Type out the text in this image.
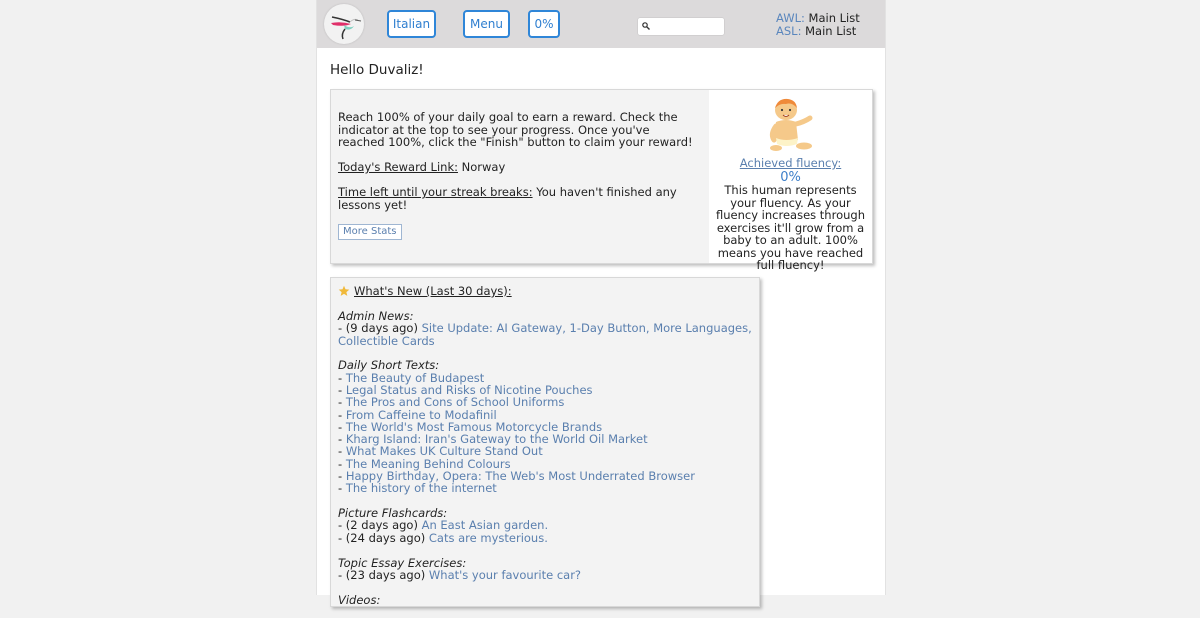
Italian	Menu	0%	AWL: Main List
ASL: Main List
Hello Duvaliz!

Reach 100% of your daily goal to earn a reward. Check the indicator at the top to see your progress. Once you've reached 100%, click the "Finish" button to claim your reward!

Today's Reward Link: Norway

Time left until your streak breaks: You haven't finished any lessons yet!

More Stats
Achieved fluency:
0%
This human represents your fluency. As your fluency increases through exercises it'll grow from a baby to an adult. 100% means you have reached full fluency!
What's New (Last 30 days):
Admin News:
- (9 days ago) Site Update: AI Gateway, 1-Day Button, More Languages, Collectible Cards
Daily Short Texts:
- The Beauty of Budapest
- Legal Status and Risks of Nicotine Pouches
- The Pros and Cons of School Uniforms
- From Caffeine to Modafinil
- The World's Most Famous Motorcycle Brands
- Kharg Island: Iran's Gateway to the World Oil Market
- What Makes UK Culture Stand Out
- The Meaning Behind Colours
- Happy Birthday, Opera: The Web's Most Underrated Browser
- The history of the internet
Picture Flashcards:
- (2 days ago) An East Asian garden.
- (24 days ago) Cats are mysterious.
Topic Essay Exercises:
- (23 days ago) What's your favourite car?
Videos:
